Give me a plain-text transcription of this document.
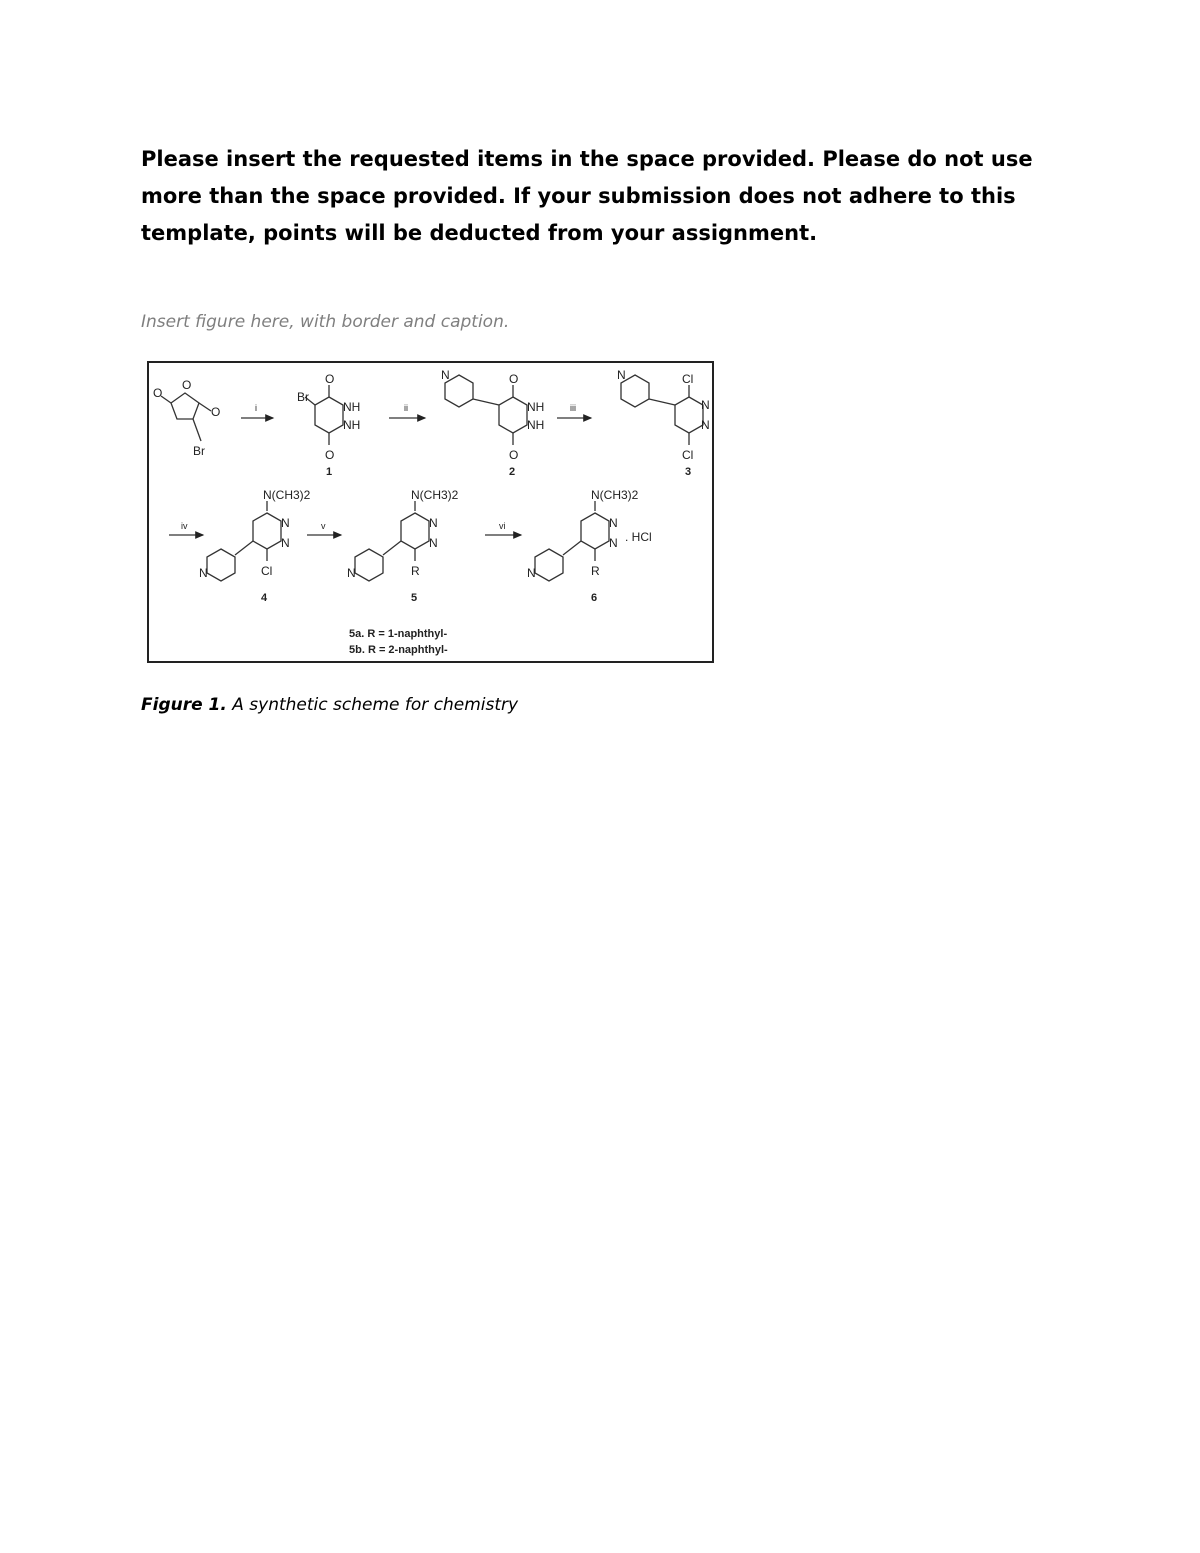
Please insert the requested items in the space provided. Please do not use
more than the space provided. If your submission does not adhere to this
template, points will be deducted from your assignment.
Insert figure here, with border and caption.
O
O
O
Br
i
O
Br
NH
NH
O
1
ii
N	O
NH
NH
O
2
iii
N	Cl
N
N
Cl
3
iv
N(CH3)2
N
N
N	Cl
4
v
N(CH3)2
N
N
N	R
5
vi
N(CH3)2
N
N
N	R
. HCl
6
5a. R = 1-naphthyl-
5b. R = 2-naphthyl-
Figure 1. A synthetic scheme for chemistry
